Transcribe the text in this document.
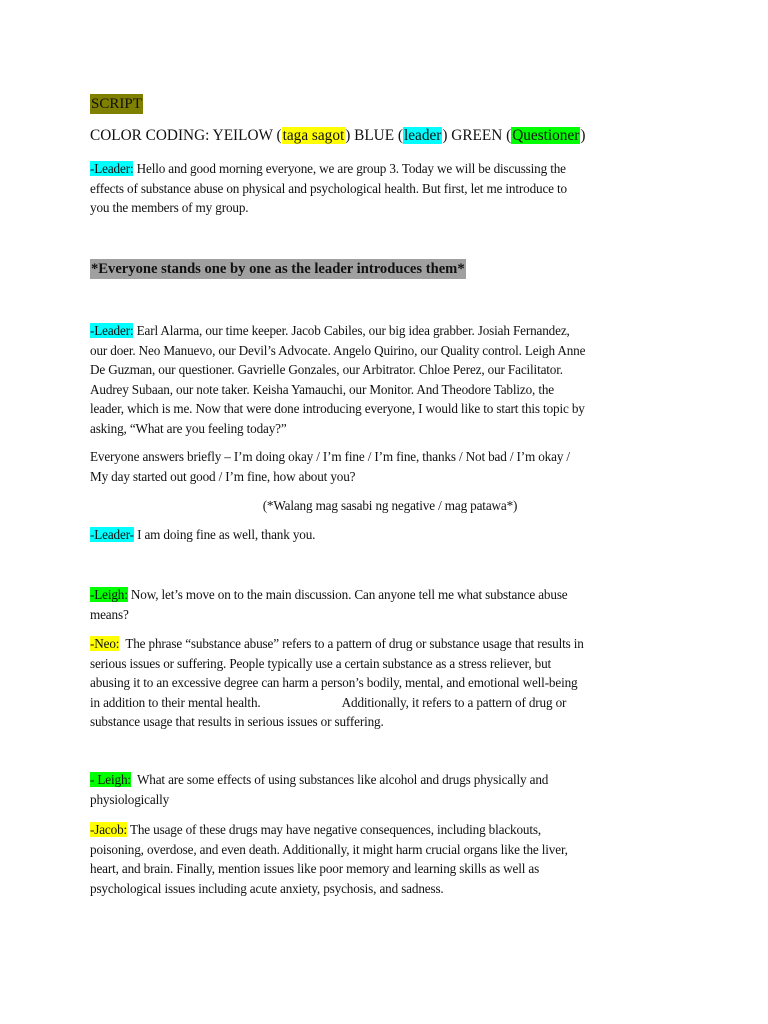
SCRIPT
COLOR CODING: YEILOW (taga sagot) BLUE (leader) GREEN (Questioner)
-Leader: Hello and good morning everyone, we are group 3. Today we will be discussing the
effects of substance abuse on physical and psychological health. But first, let me introduce to
you the members of my group.
*Everyone stands one by one as the leader introduces them*
-Leader: Earl Alarma, our time keeper. Jacob Cabiles, our big idea grabber. Josiah Fernandez,
our doer. Neo Manuevo, our Devil’s Advocate. Angelo Quirino, our Quality control. Leigh Anne
De Guzman, our questioner. Gavrielle Gonzales, our Arbitrator. Chloe Perez, our Facilitator.
Audrey Subaan, our note taker. Keisha Yamauchi, our Monitor. And Theodore Tablizo, the
leader, which is me. Now that were done introducing everyone, I would like to start this topic by
asking, “What are you feeling today?”
Everyone answers briefly – I’m doing okay / I’m fine / I’m fine, thanks / Not bad / I’m okay /
My day started out good / I’m fine, how about you?
(*Walang mag sasabi ng negative / mag patawa*)
-Leader- I am doing fine as well, thank you.
-Leigh: Now, let’s move on to the main discussion. Can anyone tell me what substance abuse
means?
-Neo:  The phrase “substance abuse” refers to a pattern of drug or substance usage that results in
serious issues or suffering. People typically use a certain substance as a stress reliever, but
abusing it to an excessive degree can harm a person’s bodily, mental, and emotional well-being
in addition to their mental health.                          Additionally, it refers to a pattern of drug or
substance usage that results in serious issues or suffering.
- Leigh:  What are some effects of using substances like alcohol and drugs physically and
physiologically
-Jacob: The usage of these drugs may have negative consequences, including blackouts,
poisoning, overdose, and even death. Additionally, it might harm crucial organs like the liver,
heart, and brain. Finally, mention issues like poor memory and learning skills as well as
psychological issues including acute anxiety, psychosis, and sadness.
